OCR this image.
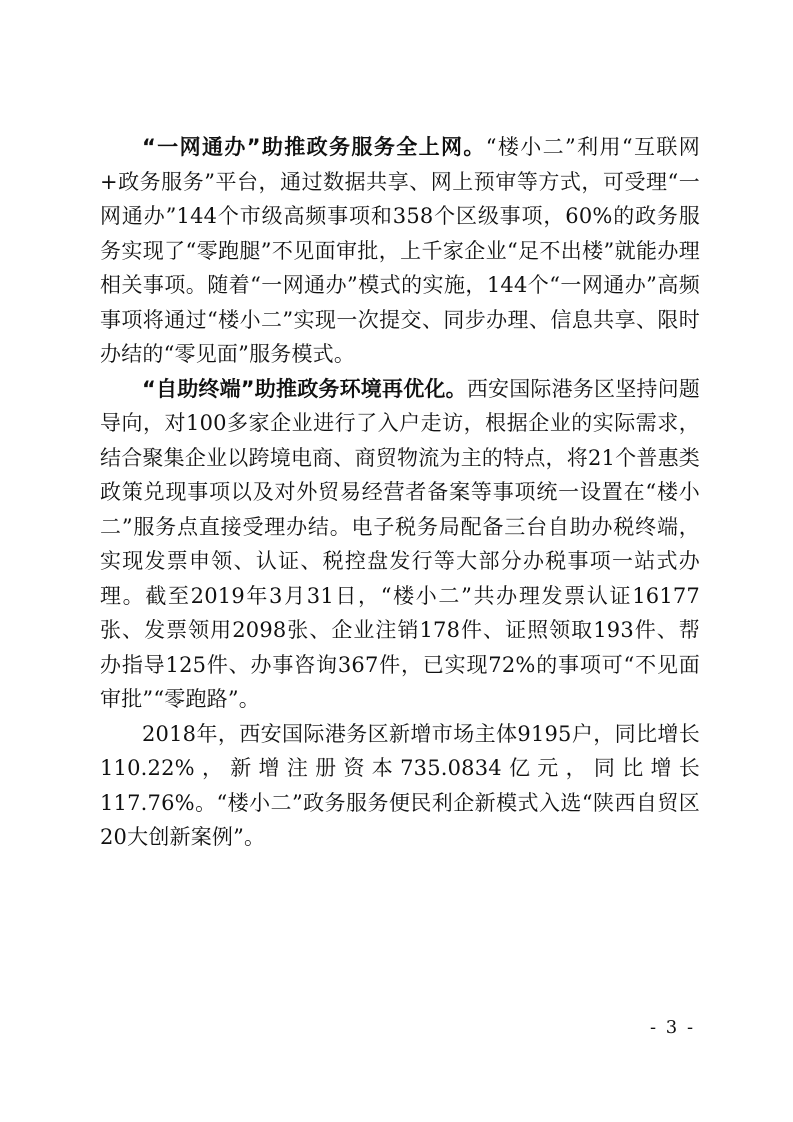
“一网通办”助推政务服务全上网。“楼小二”利用“互联网+政务服务”平台，通过数据共享、网上预审等方式，可受理“一网通办”144个市级高频事项和358个区级事项，60%的政务服务实现了“零跑腿”不见面审批，上千家企业“足不出楼”就能办理相关事项。随着“一网通办”模式的实施，144个“一网通办”高频事项将通过“楼小二”实现一次提交、同步办理、信息共享、限时办结的“零见面”服务模式。

“自助终端”助推政务环境再优化。西安国际港务区坚持问题导向，对100多家企业进行了入户走访，根据企业的实际需求，结合聚集企业以跨境电商、商贸物流为主的特点，将21个普惠类政策兑现事项以及对外贸易经营者备案等事项统一设置在“楼小二”服务点直接受理办结。电子税务局配备三台自助办税终端，实现发票申领、认证、税控盘发行等大部分办税事项一站式办理。截至2019年3月31日，“楼小二”共办理发票认证16177张、发票领用2098张、企业注销178件、证照领取193件、帮办指导125件、办事咨询367件，已实现72%的事项可“不见面审批”“零跑路”。

2018年，西安国际港务区新增市场主体9195户，同比增长110.22%，新增注册资本735.0834亿元，同比增长117.76%。“楼小二”政务服务便民利企新模式入选“陕西自贸区20大创新案例”。

- 3 -
